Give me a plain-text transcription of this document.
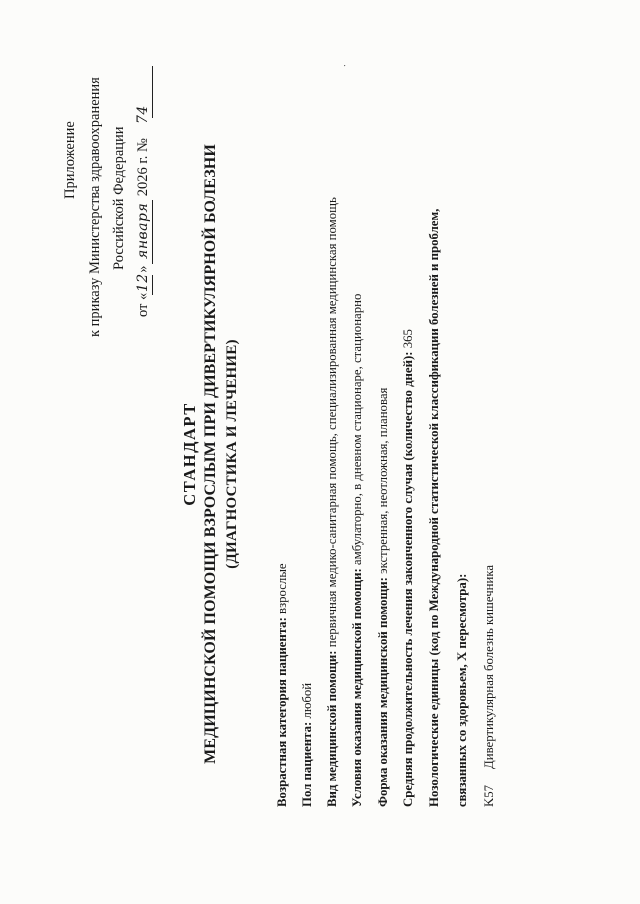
Приложение к приказу Министерства здравоохранения Российской Федерации
от «12» января 2026 г. № 74
СТАНДАРТ МЕДИЦИНСКОЙ ПОМОЩИ ВЗРОСЛЫМ ПРИ ДИВЕРТИКУЛЯРНОЙ БОЛЕЗНИ (ДИАГНОСТИКА И ЛЕЧЕНИЕ)
Возрастная категория пациента: взрослые
Пол пациента: любой Вид медицинской помощи: первичная медико-санитарная помощь, специализированная медицинская помощь
Условия оказания медицинской помощи: амбулаторно, в дневном стационаре, стационарно
Форма оказания медицинской помощи: экстренная, неотложная, плановая Средняя продолжительность лечения законченного случая (количество дней): 365 Нозологические единицы (код по Международной статистической классификации болезней и проблем, связанных со здоровьем, X пересмотра): K57
Дивертикулярная болезнь кишечника
·
